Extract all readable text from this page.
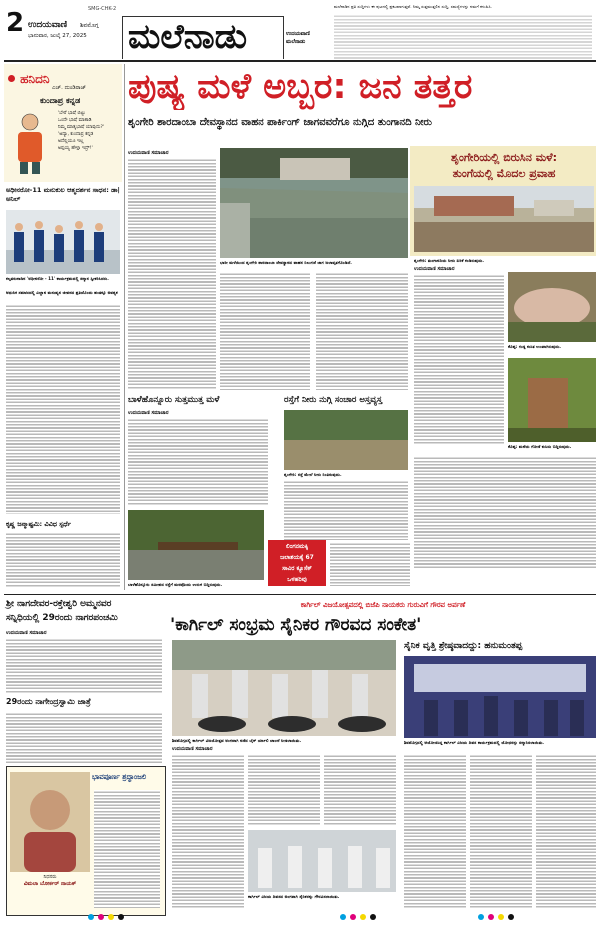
2	SMG-CHK-2
ಉದಯವಾಣಿ ಶಿವಮೊಗ್ಗ
ಭಾನುವಾರ, ಜುಲೈ 27, 2025 ಮಲೆನಾಡು	ಉದಯವಾಣಿ
ಮಲೆನಾಡು
ಮಲೆನಾಡಿನ ಪ್ರತಿ ಸುದ್ದಿಗಳು ಈ ಪುಟದಲ್ಲಿ ಪ್ರಕಟವಾಗುತ್ತವೆ. ನಿಮ್ಮ ಸುತ್ತಮುತ್ತಲಿನ ಸುದ್ದಿ, ಸಮಸ್ಯೆಗಳನ್ನು ನಮಗೆ ಕಳುಹಿಸಿ.
ಹನಿದನಿ
ಎಚ್. ದುಂಡಿರಾಜ್
ಕುಂದಾಪ್ರ ಕನ್ನಡ
'ಬೇರೆ ಭಾಷೆ ಬಿಟ್ಟು
ಒಂದೇ ಭಾಷೆ ಮಾತಾಡಿ
ನಿಮ್ಮ ಮಾತೃಭಾಷೆ ಯಾವುದು?'
'ಅದ್ಯಾ, ಕುಂದಾಪ್ರ ಕನ್ನಡ
ಅದೆಲ್ಲಿಯೂ ಇಲ್ಲ
ಅಪ್ಪಯ್ಯ ಹೇಳ್ತಾ ಇದ್ರ್!'
ಅಧೀನರೋ-11 ಮನುಕುಲ ಆತ್ಮದರ್ಶನ ಸಾಧನ: ಡಾ| ಅನಿಲ್
ಕಲ್ಪತರುನಾಡಿನ 'ಅಧೀನರೋ - 11' ಕಾರ್ಯಕ್ರಮದಲ್ಲಿ ಸನ್ಮಾನ ಸ್ವೀಕರಿಸಿದರು.
ಆಧುನಿಕ ಸಮಾಜದಲ್ಲಿ ವಿಜ್ಞಾನ ಮನುಷ್ಯನ ಜೀವನದ ಪ್ರತಿಯೊಂದು ಹಂತಕ್ಕೂ ಅವಶ್ಯಕ
ಕೃಷ್ಣ ಜನ್ಮಾಷ್ಟಮಿ: ವಿವಿಧ ಸ್ಪರ್ಧೆ
ಪುಷ್ಯ ಮಳೆ ಅಬ್ಬರ: ಜನ ತತ್ತರ
ಶೃಂಗೇರಿ ಶಾರದಾಂಬಾ ದೇವಸ್ಥಾನದ ವಾಹನ ಪಾರ್ಕಿಂಗ್ ಜಾಗವವರೆಗೂ ನುಗ್ಗಿದ ತುಂಗಾನದಿ ನೀರು
ಉದಯವಾಣಿ ಸಮಾಚಾರ
ಭಾರೀ ಮಳೆಯಿಂದ ಶೃಂಗೇರಿ ಶಾರದಾಂಬಾ ದೇವಸ್ಥಾನದ ವಾಹನ ನಿಲುಗಡೆ ಜಾಗ ಜಲಾವೃತಗೊಂಡಿದೆ.
ಶೃಂಗೇರಿಯಲ್ಲಿ ಬಿರುಸಿನ ಮಳೆ:
ತುಂಗೆಯಲ್ಲಿ ಮೊದಲ ಪ್ರವಾಹ
ಶೃಂಗೇರಿ: ತುಂಗಾನದಿಯ ನೀರು ಏರಿಕೆ ಕಂಡಿರುವುದು.
ಉದಯವಾಣಿ ಸಮಾಚಾರ
ಕೊಪ್ಪ: ಗುಡ್ಡ ಕುಸಿತ ಉಂಟಾಗಿರುವುದು.
ಕೊಪ್ಪ: ಮನೆಯ ಗೋಡೆ ಕುಸಿದು ಬಿದ್ದಿರುವುದು.
ಬಾಳೆಹೊನ್ನೂರು ಸುತ್ತಮುತ್ತ ಮಳೆ
ಉದಯವಾಣಿ ಸಮಾಚಾರ
ಬಾಳೆಹೊನ್ನೂರು ಸಮೀಪದ ರಸ್ತೆಗೆ ಮರವೊಂದು ಉರುಳಿ ಬಿದ್ದಿರುವುದು.
ರಸ್ತೆಗೆ ನೀರು ನುಗ್ಗಿ ಸಂಚಾರ ಅಸ್ತವ್ಯಸ್ತ
ಶೃಂಗೇರಿ: ರಸ್ತೆ ಮೇಲೆ ನೀರು ನಿಂತಿರುವುದು.
ಲಿಂಗನಮಕ್ಕಿ
ಜಲಾಶಯಕ್ಕೆ 67
ಸಾವಿರ ಕ್ಯೂಸೆಕ್
ಒಳಹರಿವು
ಶ್ರೀ ನಾಗದೇವರ-ರಕ್ತೇಶ್ವರಿ ಅಮ್ಮನವರ
ಸನ್ನಿಧಿಯಲ್ಲಿ 29ರಂದು ನಾಗರಪಂಚಮಿ
ಉದಯವಾಣಿ ಸಮಾಚಾರ
29ರಂದು ನಾಗೇಂದ್ರಸ್ವಾಮಿ ಜಾತ್ರೆ
ಭಾವಪೂರ್ಣ ಶ್ರದ್ಧಾಂಜಲಿ
ನಿಧನರು
ವಿಮಲಾ ಬೋರ್ಕರ್ ನಾಯಕ್
ಕಾರ್ಗಿಲ್ ವಿಜಯೋತ್ಸವದಲ್ಲಿ ಬಿಜೆಪಿ ನಾಯಕರು ಗುರುವಿಗೆ ಗೌರವ ಅರ್ಪಣೆ
'ಕಾರ್ಗಿಲ್ ಸಂಭ್ರಮ ಸೈನಿಕರ ಗೌರವದ ಸಂಕೇತ'
ಶಿವಮೊಗ್ಗದಲ್ಲಿ ಕಾರ್ಗಿಲ್ ವಿಜಯೋತ್ಸವ ಅಂಗವಾಗಿ ನಡೆದ ಬೈಕ್ ರ್ಯಾಲಿ ಚಾಲನೆ ನೀಡಲಾಯಿತು.
ಉದಯವಾಣಿ ಸಮಾಚಾರ
ಕಾರ್ಗಿಲ್ ವಿಜಯ ದಿವಸದ ಅಂಗವಾಗಿ ಸೈನಿಕರನ್ನು ಗೌರವಿಸಲಾಯಿತು.
ಸೈನಿಕ ವೃತ್ತಿ ಶ್ರೇಷ್ಠವಾದದ್ದು: ಹನುಮಂತಪ್ಪ
ಶಿವಮೊಗ್ಗದಲ್ಲಿ ಆಯೋಜಿಸಿದ್ದ ಕಾರ್ಗಿಲ್ ವಿಜಯ ದಿವಸ ಕಾರ್ಯಕ್ರಮದಲ್ಲಿ ಯೋಧರನ್ನು ಸನ್ಮಾನಿಸಲಾಯಿತು.
